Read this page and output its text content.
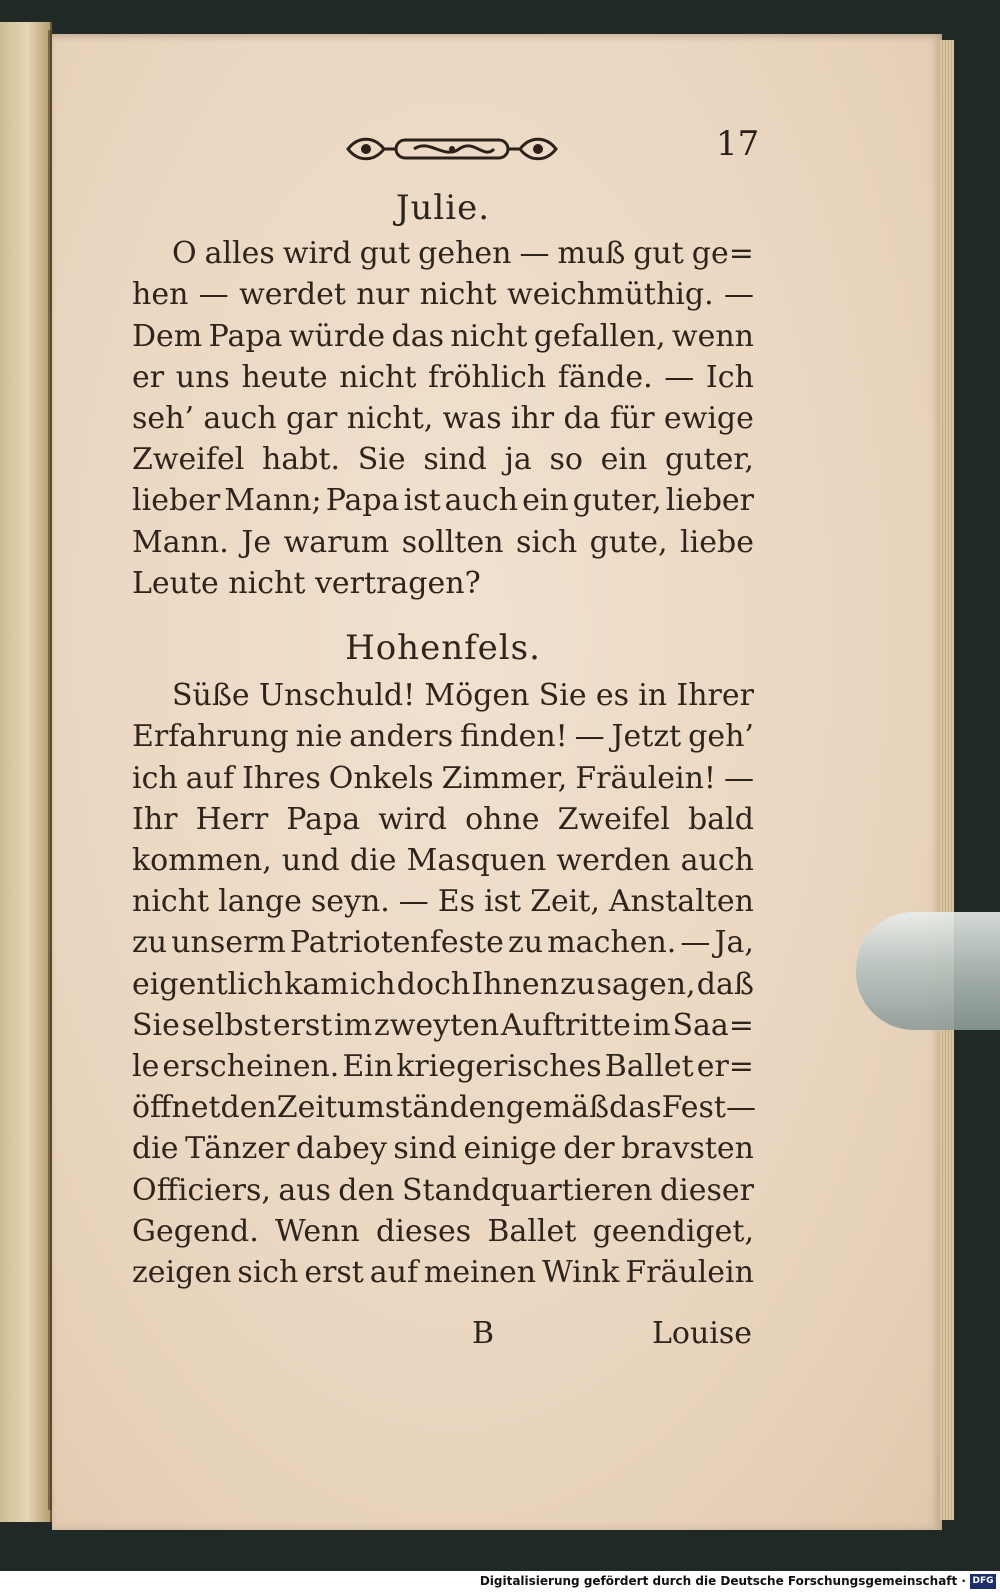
17
Julie.
O alles wird gut gehen — muß gut ge=
hen — werdet nur nicht weichmüthig. —
Dem Papa würde das nicht gefallen, wenn
er uns heute nicht fröhlich fände. — Ich
seh’ auch gar nicht, was ihr da für ewige
Zweifel habt. Sie sind ja so ein guter,
lieber Mann; Papa ist auch ein guter, lieber
Mann. Je warum sollten sich gute, liebe
Leute nicht vertragen?
Hohenfels.
Süße Unschuld! Mögen Sie es in Ihrer
Erfahrung nie anders finden! — Jetzt geh’
ich auf Ihres Onkels Zimmer, Fräulein! —
Ihr Herr Papa wird ohne Zweifel bald
kommen, und die Masquen werden auch
nicht lange seyn. — Es ist Zeit, Anstalten
zu unserm Patriotenfeste zu machen. — Ja,
eigentlich kam ich doch Ihnen zu sagen, daß
Sie selbst erst im zweyten Auftritte im Saa=
le erscheinen. Ein kriegerisches Ballet er=
öffnet den Zeitumständen gemäß das Fest —
die Tänzer dabey sind einige der bravsten
Officiers, aus den Standquartieren dieser
Gegend. Wenn dieses Ballet geendiget,
zeigen sich erst auf meinen Wink Fräulein
B	Louise
Digitalisierung gefördert durch die Deutsche Forschungsgemeinschaft · DFG
